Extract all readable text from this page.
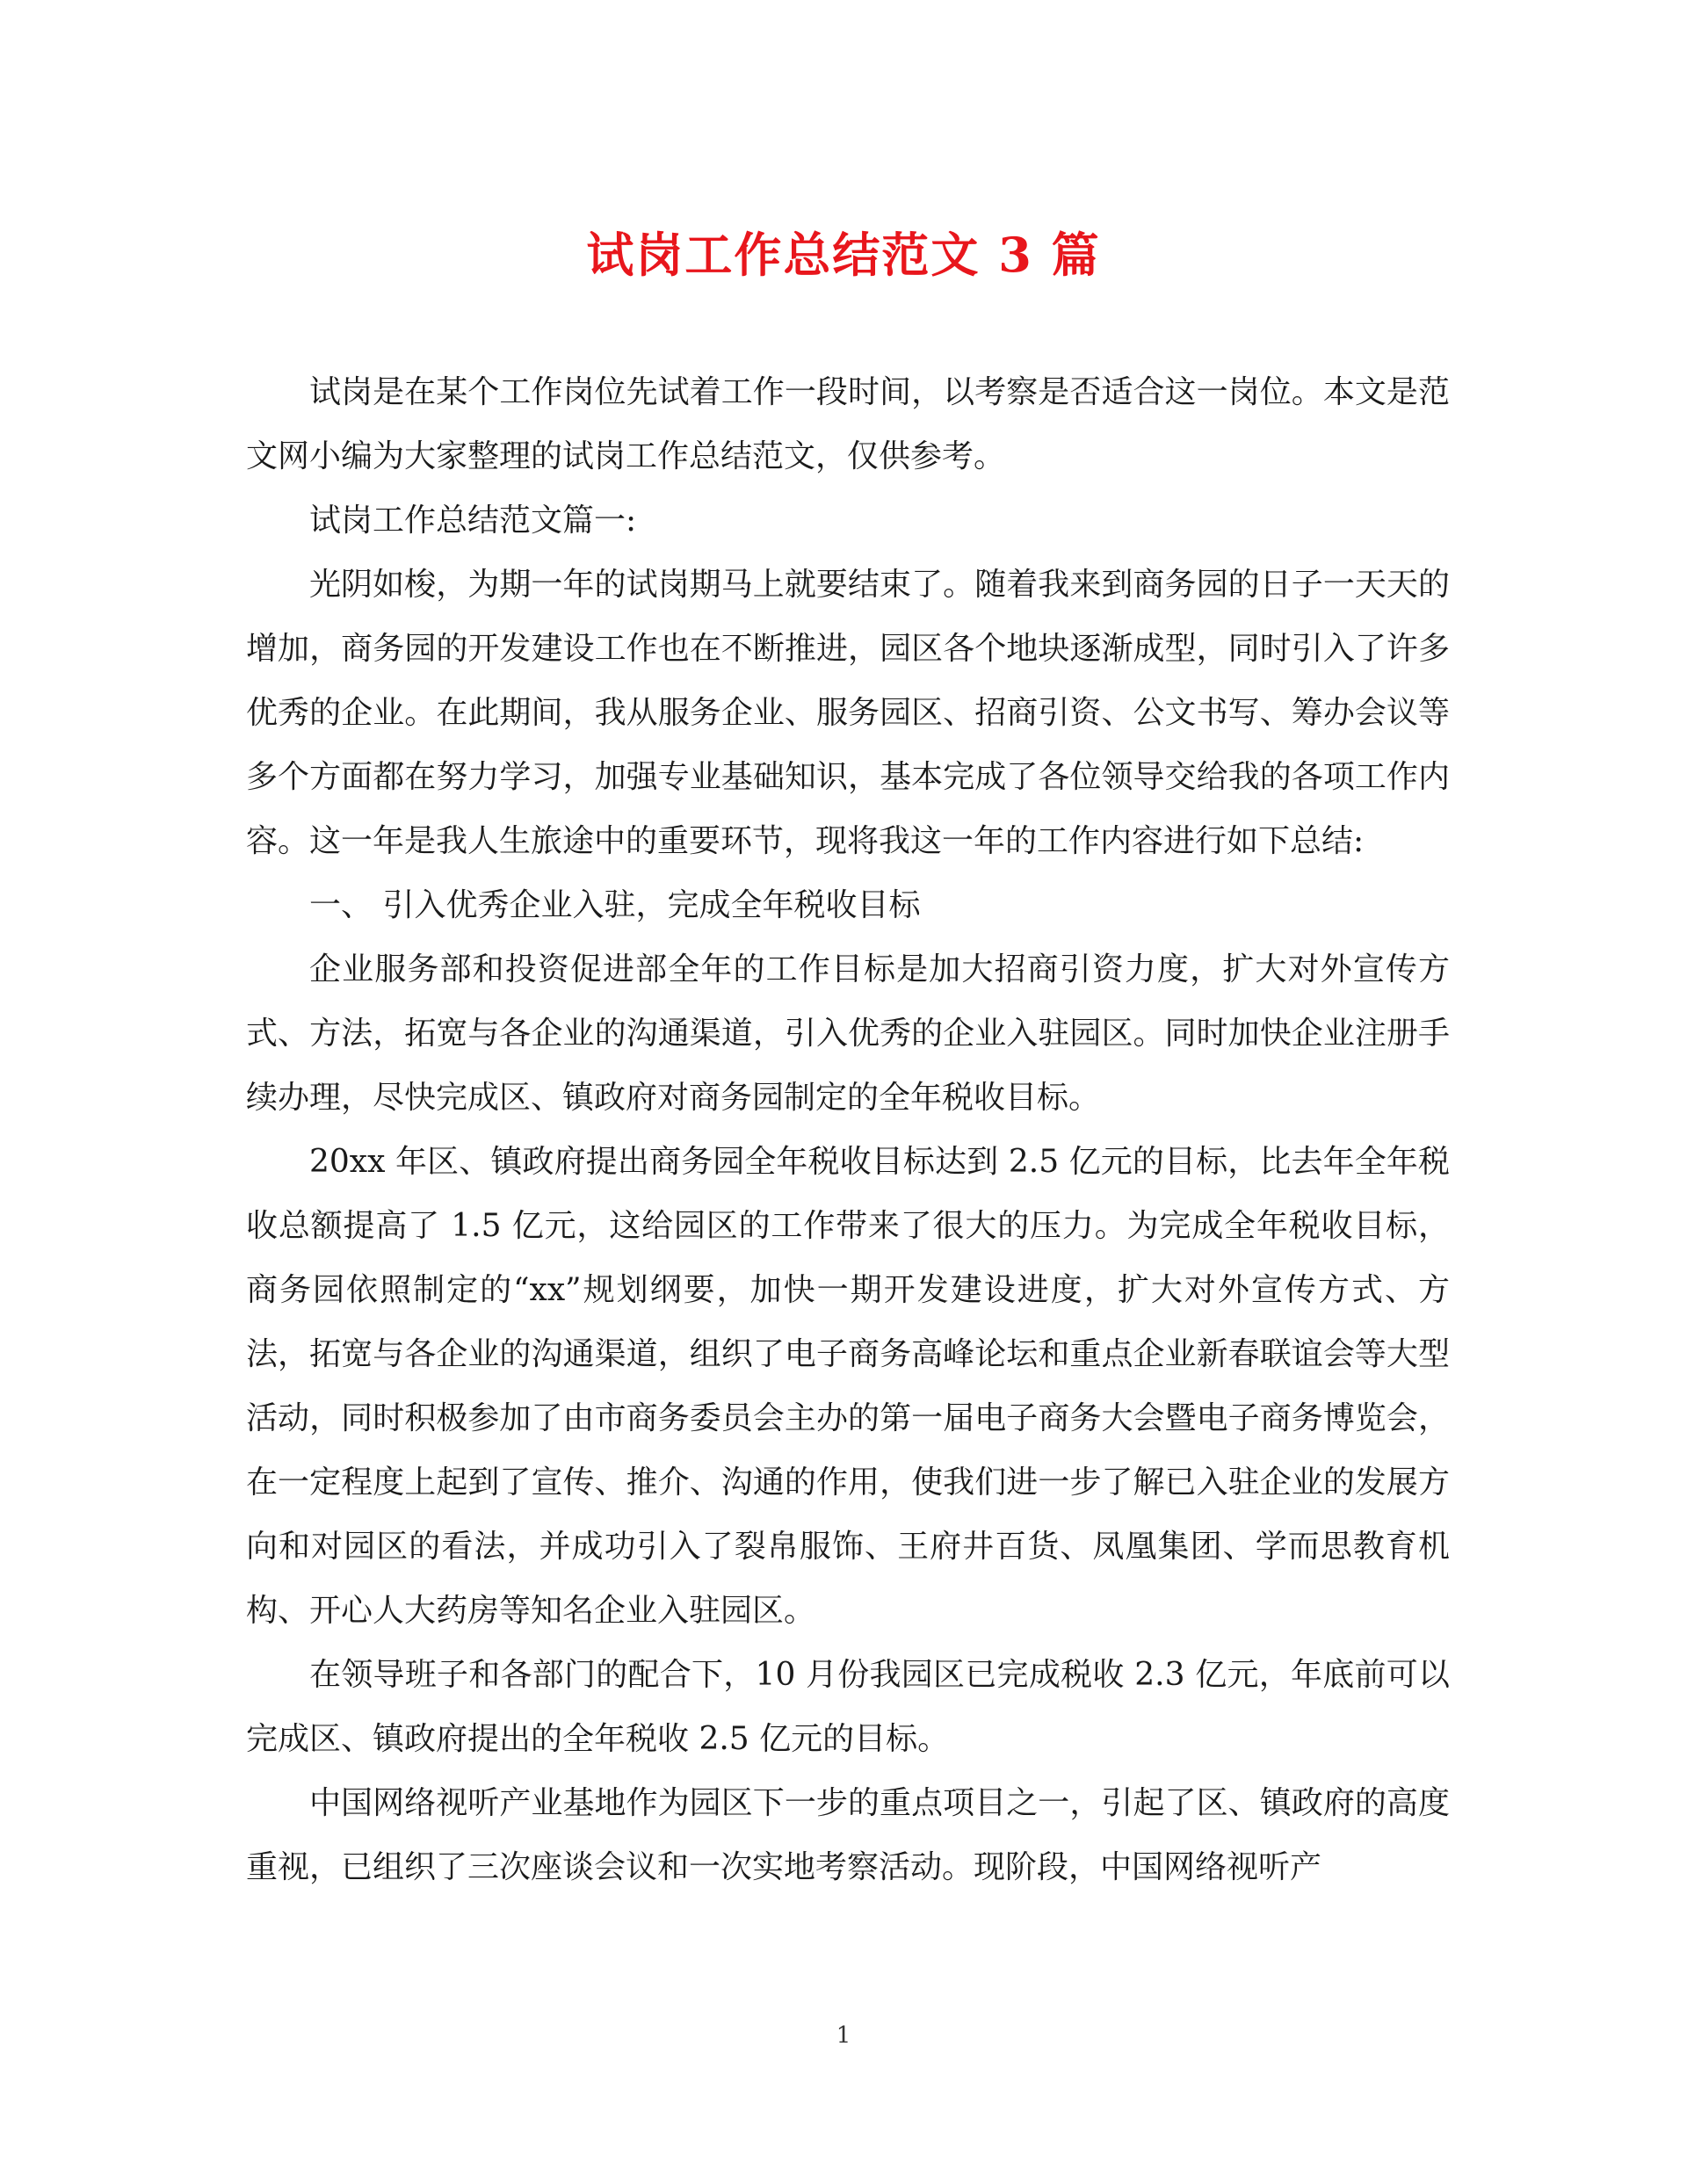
试岗工作总结范文 3 篇

试岗是在某个工作岗位先试着工作一段时间，以考察是否适合这一岗位。本文是范文网小编为大家整理的试岗工作总结范文，仅供参考。

试岗工作总结范文篇一:

光阴如梭，为期一年的试岗期马上就要结束了。随着我来到商务园的日子一天天的增加，商务园的开发建设工作也在不断推进，园区各个地块逐渐成型，同时引入了许多优秀的企业。在此期间，我从服务企业、服务园区、招商引资、公文书写、筹办会议等多个方面都在努力学习，加强专业基础知识，基本完成了各位领导交给我的各项工作内容。这一年是我人生旅途中的重要环节，现将我这一年的工作内容进行如下总结:

一、 引入优秀企业入驻，完成全年税收目标

企业服务部和投资促进部全年的工作目标是加大招商引资力度，扩大对外宣传方式、方法，拓宽与各企业的沟通渠道，引入优秀的企业入驻园区。同时加快企业注册手续办理，尽快完成区、镇政府对商务园制定的全年税收目标。

20xx 年区、镇政府提出商务园全年税收目标达到 2.5 亿元的目标，比去年全年税收总额提高了 1.5 亿元，这给园区的工作带来了很大的压力。为完成全年税收目标，商务园依照制定的“xx”规划纲要，加快一期开发建设进度，扩大对外宣传方式、方法，拓宽与各企业的沟通渠道，组织了电子商务高峰论坛和重点企业新春联谊会等大型活动，同时积极参加了由市商务委员会主办的第一届电子商务大会暨电子商务博览会，在一定程度上起到了宣传、推介、沟通的作用，使我们进一步了解已入驻企业的发展方向和对园区的看法，并成功引入了裂帛服饰、王府井百货、凤凰集团、学而思教育机构、开心人大药房等知名企业入驻园区。

在领导班子和各部门的配合下，10 月份我园区已完成税收 2.3 亿元，年底前可以完成区、镇政府提出的全年税收 2.5 亿元的目标。

中国网络视听产业基地作为园区下一步的重点项目之一，引起了区、镇政府的高度重视，已组织了三次座谈会议和一次实地考察活动。现阶段，中国网络视听产

1
